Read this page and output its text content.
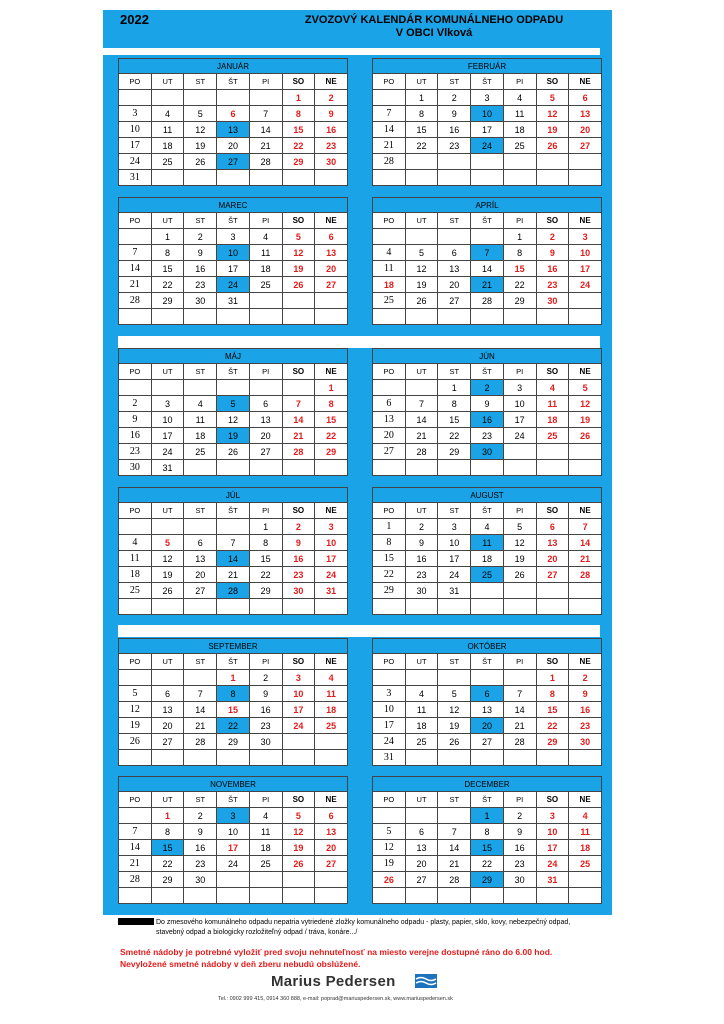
2022	ZVOZOVÝ KALENDÁR KOMUNÁLNEHO ODPADU
V OBCI Vlková
JANUÁR						
PO	UT	ST	ŠT	PI	SO	NE
					1	2
3	4	5	6	7	8	9
10	11	12	13	14	15	16
17	18	19	20	21	22	23
24	25	26	27	28	29	30
31						
FEBRUÁR						
PO	UT	ST	ŠT	PI	SO	NE
	1	2	3	4	5	6
7	8	9	10	11	12	13
14	15	16	17	18	19	20
21	22	23	24	25	26	27
28						

MAREC						
PO	UT	ST	ŠT	PI	SO	NE
	1	2	3	4	5	6
7	8	9	10	11	12	13
14	15	16	17	18	19	20
21	22	23	24	25	26	27
28	29	30	31			

APRÍL						
PO	UT	ST	ŠT	PI	SO	NE
				1	2	3
4	5	6	7	8	9	10
11	12	13	14	15	16	17
18	19	20	21	22	23	24
25	26	27	28	29	30	

MÁJ						
PO	UT	ST	ŠT	PI	SO	NE
						1
2	3	4	5	6	7	8
9	10	11	12	13	14	15
16	17	18	19	20	21	22
23	24	25	26	27	28	29
30	31					
JÚN						
PO	UT	ST	ŠT	PI	SO	NE
		1	2	3	4	5
6	7	8	9	10	11	12
13	14	15	16	17	18	19
20	21	22	23	24	25	26
27	28	29	30			

JÚL						
PO	UT	ST	ŠT	PI	SO	NE
				1	2	3
4	5	6	7	8	9	10
11	12	13	14	15	16	17
18	19	20	21	22	23	24
25	26	27	28	29	30	31

AUGUST						
PO	UT	ST	ŠT	PI	SO	NE
1	2	3	4	5	6	7
8	9	10	11	12	13	14
15	16	17	18	19	20	21
22	23	24	25	26	27	28
29	30	31				

SEPTEMBER						
PO	UT	ST	ŠT	PI	SO	NE
			1	2	3	4
5	6	7	8	9	10	11
12	13	14	15	16	17	18
19	20	21	22	23	24	25
26	27	28	29	30		

OKTÓBER						
PO	UT	ST	ŠT	PI	SO	NE
					1	2
3	4	5	6	7	8	9
10	11	12	13	14	15	16
17	18	19	20	21	22	23
24	25	26	27	28	29	30
31						
NOVEMBER						
PO	UT	ST	ŠT	PI	SO	NE
	1	2	3	4	5	6
7	8	9	10	11	12	13
14	15	16	17	18	19	20
21	22	23	24	25	26	27
28	29	30				

DECEMBER						
PO	UT	ST	ŠT	PI	SO	NE
			1	2	3	4
5	6	7	8	9	10	11
12	13	14	15	16	17	18
19	20	21	22	23	24	25
26	27	28	29	30	31	

Do zmesového komunálneho odpadu nepatria vytriedené zložky komunálneho odpadu - plasty, papier, sklo, kovy, nebezpečný odpad, stavebný odpad a biologicky rozložiteľný odpad / tráva, konáre.../
Smetné nádoby je potrebné vyložiť pred svoju nehnuteľnosť na miesto verejne dostupné ráno do 6.00 hod.
Nevyložené smetné nádoby v deň zberu nebudú obslúžené.
Marius Pedersen
Tel.: 0902 999 415, 0914 360 888, e-mail: poprad@mariuspedersen.sk, www.mariuspedersen.sk
